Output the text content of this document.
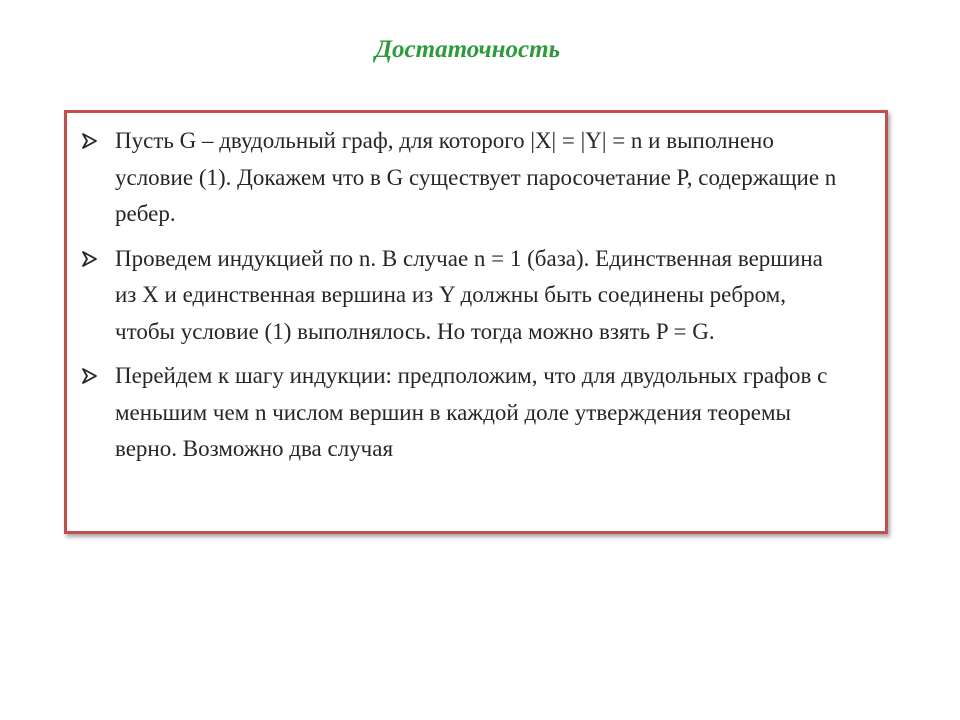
Достаточность
Пусть G – двудольный граф, для которого |X| = |Y| = n и выполнено условие (1). Докажем что в G существует паросочетание P, содержащие n ребер.
Проведем индукцией по n. В случае n = 1 (база). Единственная вершина из X и единственная вершина из Y должны быть соединены ребром, чтобы условие (1) выполнялось. Но тогда можно взять P = G.
Перейдем к шагу индукции: предположим, что для двудольных графов с меньшим чем n числом вершин в каждой доле утверждения теоремы верно. Возможно два случая
